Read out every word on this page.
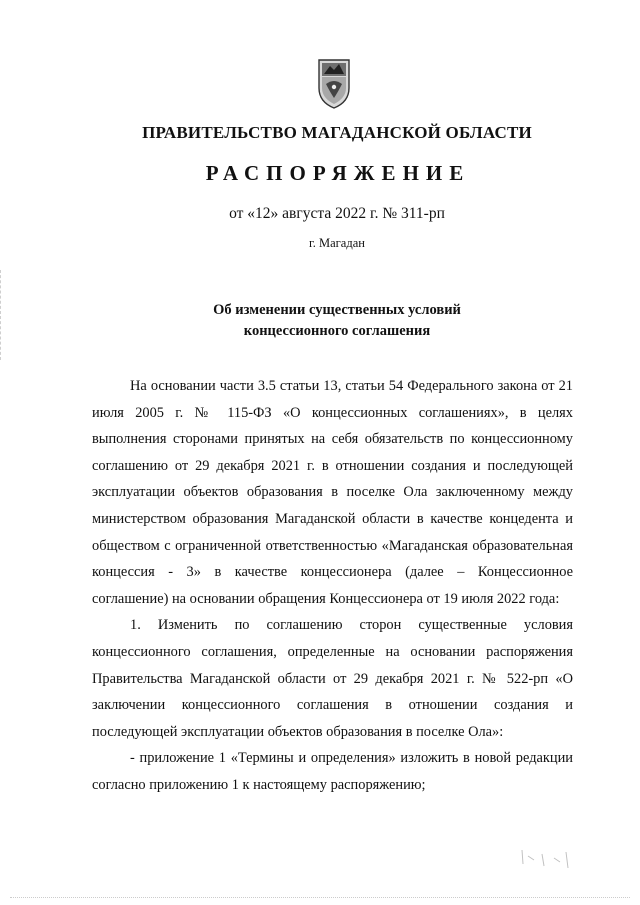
ПРАВИТЕЛЬСТВО МАГАДАНСКОЙ ОБЛАСТИ
РАСПОРЯЖЕНИЕ
от «12» августа 2022 г. № 311-рп
г. Магадан
Об изменении существенных условий
концессионного соглашения

На основании части 3.5 статьи 13, статьи 54 Федерального закона от 21 июля 2005 г. № 115-ФЗ «О концессионных соглашениях», в целях выполнения сторонами принятых на себя обязательств по концессионному соглашению от 29 декабря 2021 г. в отношении создания и последующей эксплуатации объектов образования в поселке Ола заключенному между министерством образования Магаданской области в качестве концедента и обществом с ограниченной ответственностью «Магаданская образовательная концессия - 3» в качестве концессионера (далее – Концессионное соглашение) на основании обращения Концессионера от 19 июля 2022 года:

1. Изменить по соглашению сторон существенные условия концессионного соглашения, определенные на основании распоряжения Правительства Магаданской области от 29 декабря 2021 г. № 522-рп «О заключении концессионного соглашения в отношении создания и последующей эксплуатации объектов образования в поселке Ола»:

- приложение 1 «Термины и определения» изложить в новой редакции согласно приложению 1 к настоящему распоряжению;
